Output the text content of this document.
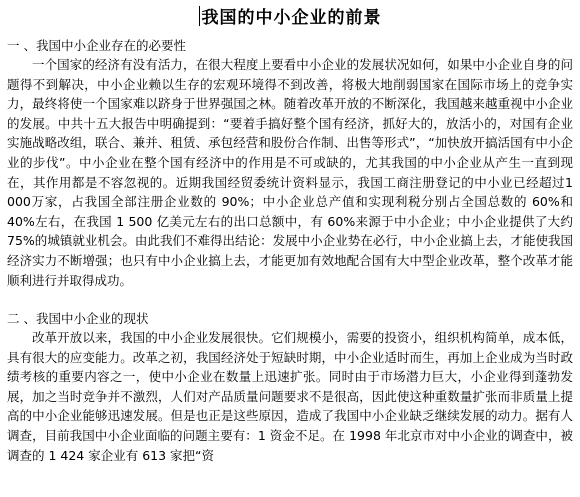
我国的中小企业的前景
一 、我国中小企业存在的必要性

一个国家的经济有没有活力，在很大程度上要看中小企业的发展状况如何，如果中小企业自身的问题得不到解决，中小企业赖以生存的宏观环境得不到改善，将极大地削弱国家在国际市场上的竞争实力，最终将使一个国家难以跻身于世界强国之林。随着改革开放的不断深化，我国越来越重视中小企业的发展。中共十五大报告中明确提到：“要着手搞好整个国有经济，抓好大的，放活小的，对国有企业实施战略改组，联合、兼并、租赁、承包经营和股份合作制、出售等形式”，“加快放开搞活国有中小企业的步伐”。中小企业在整个国有经济中的作用是不可或缺的，尤其我国的中小企业从产生一直到现在，其作用都是不容忽视的。近期我国经贸委统计资料显示，我国工商注册登记的中小业已经超过1 000万家，占我国全部注册企业数的 90%；中小企业总产值和实现利税分别占全国总数的 60%和 40%左右，在我国 1 500 亿美元左右的出口总额中，有 60%来源于中小企业；中小企业提供了大约 75%的城镇就业机会。由此我们不难得出结论：发展中小企业势在必行，中小企业搞上去，才能使我国经济实力不断增强；也只有中小企业搞上去，才能更加有效地配合国有大中型企业改革，整个改革才能顺利进行并取得成功。

二 、我国中小企业的现状

改革开放以来，我国的中小企业发展很快。它们规模小，需要的投资小，组织机构简单，成本低，具有很大的应变能力。改革之初，我国经济处于短缺时期，中小企业适时而生，再加上企业成为当时政绩考核的重要内容之一，使中小企业在数量上迅速扩张。同时由于市场潜力巨大，小企业得到蓬勃发展，加之当时竞争并不激烈，人们对产品质量问题要求不是很高，因此使这种重数量扩张而非质量上提高的中小企业能够迅速发展。但是也正是这些原因，造成了我国中小企业缺乏继续发展的动力。据有人调查，目前我国中小企业面临的问题主要有：1 资金不足。在 1998 年北京市对中小企业的调查中，被调查的 1 424 家企业有 613 家把“资
